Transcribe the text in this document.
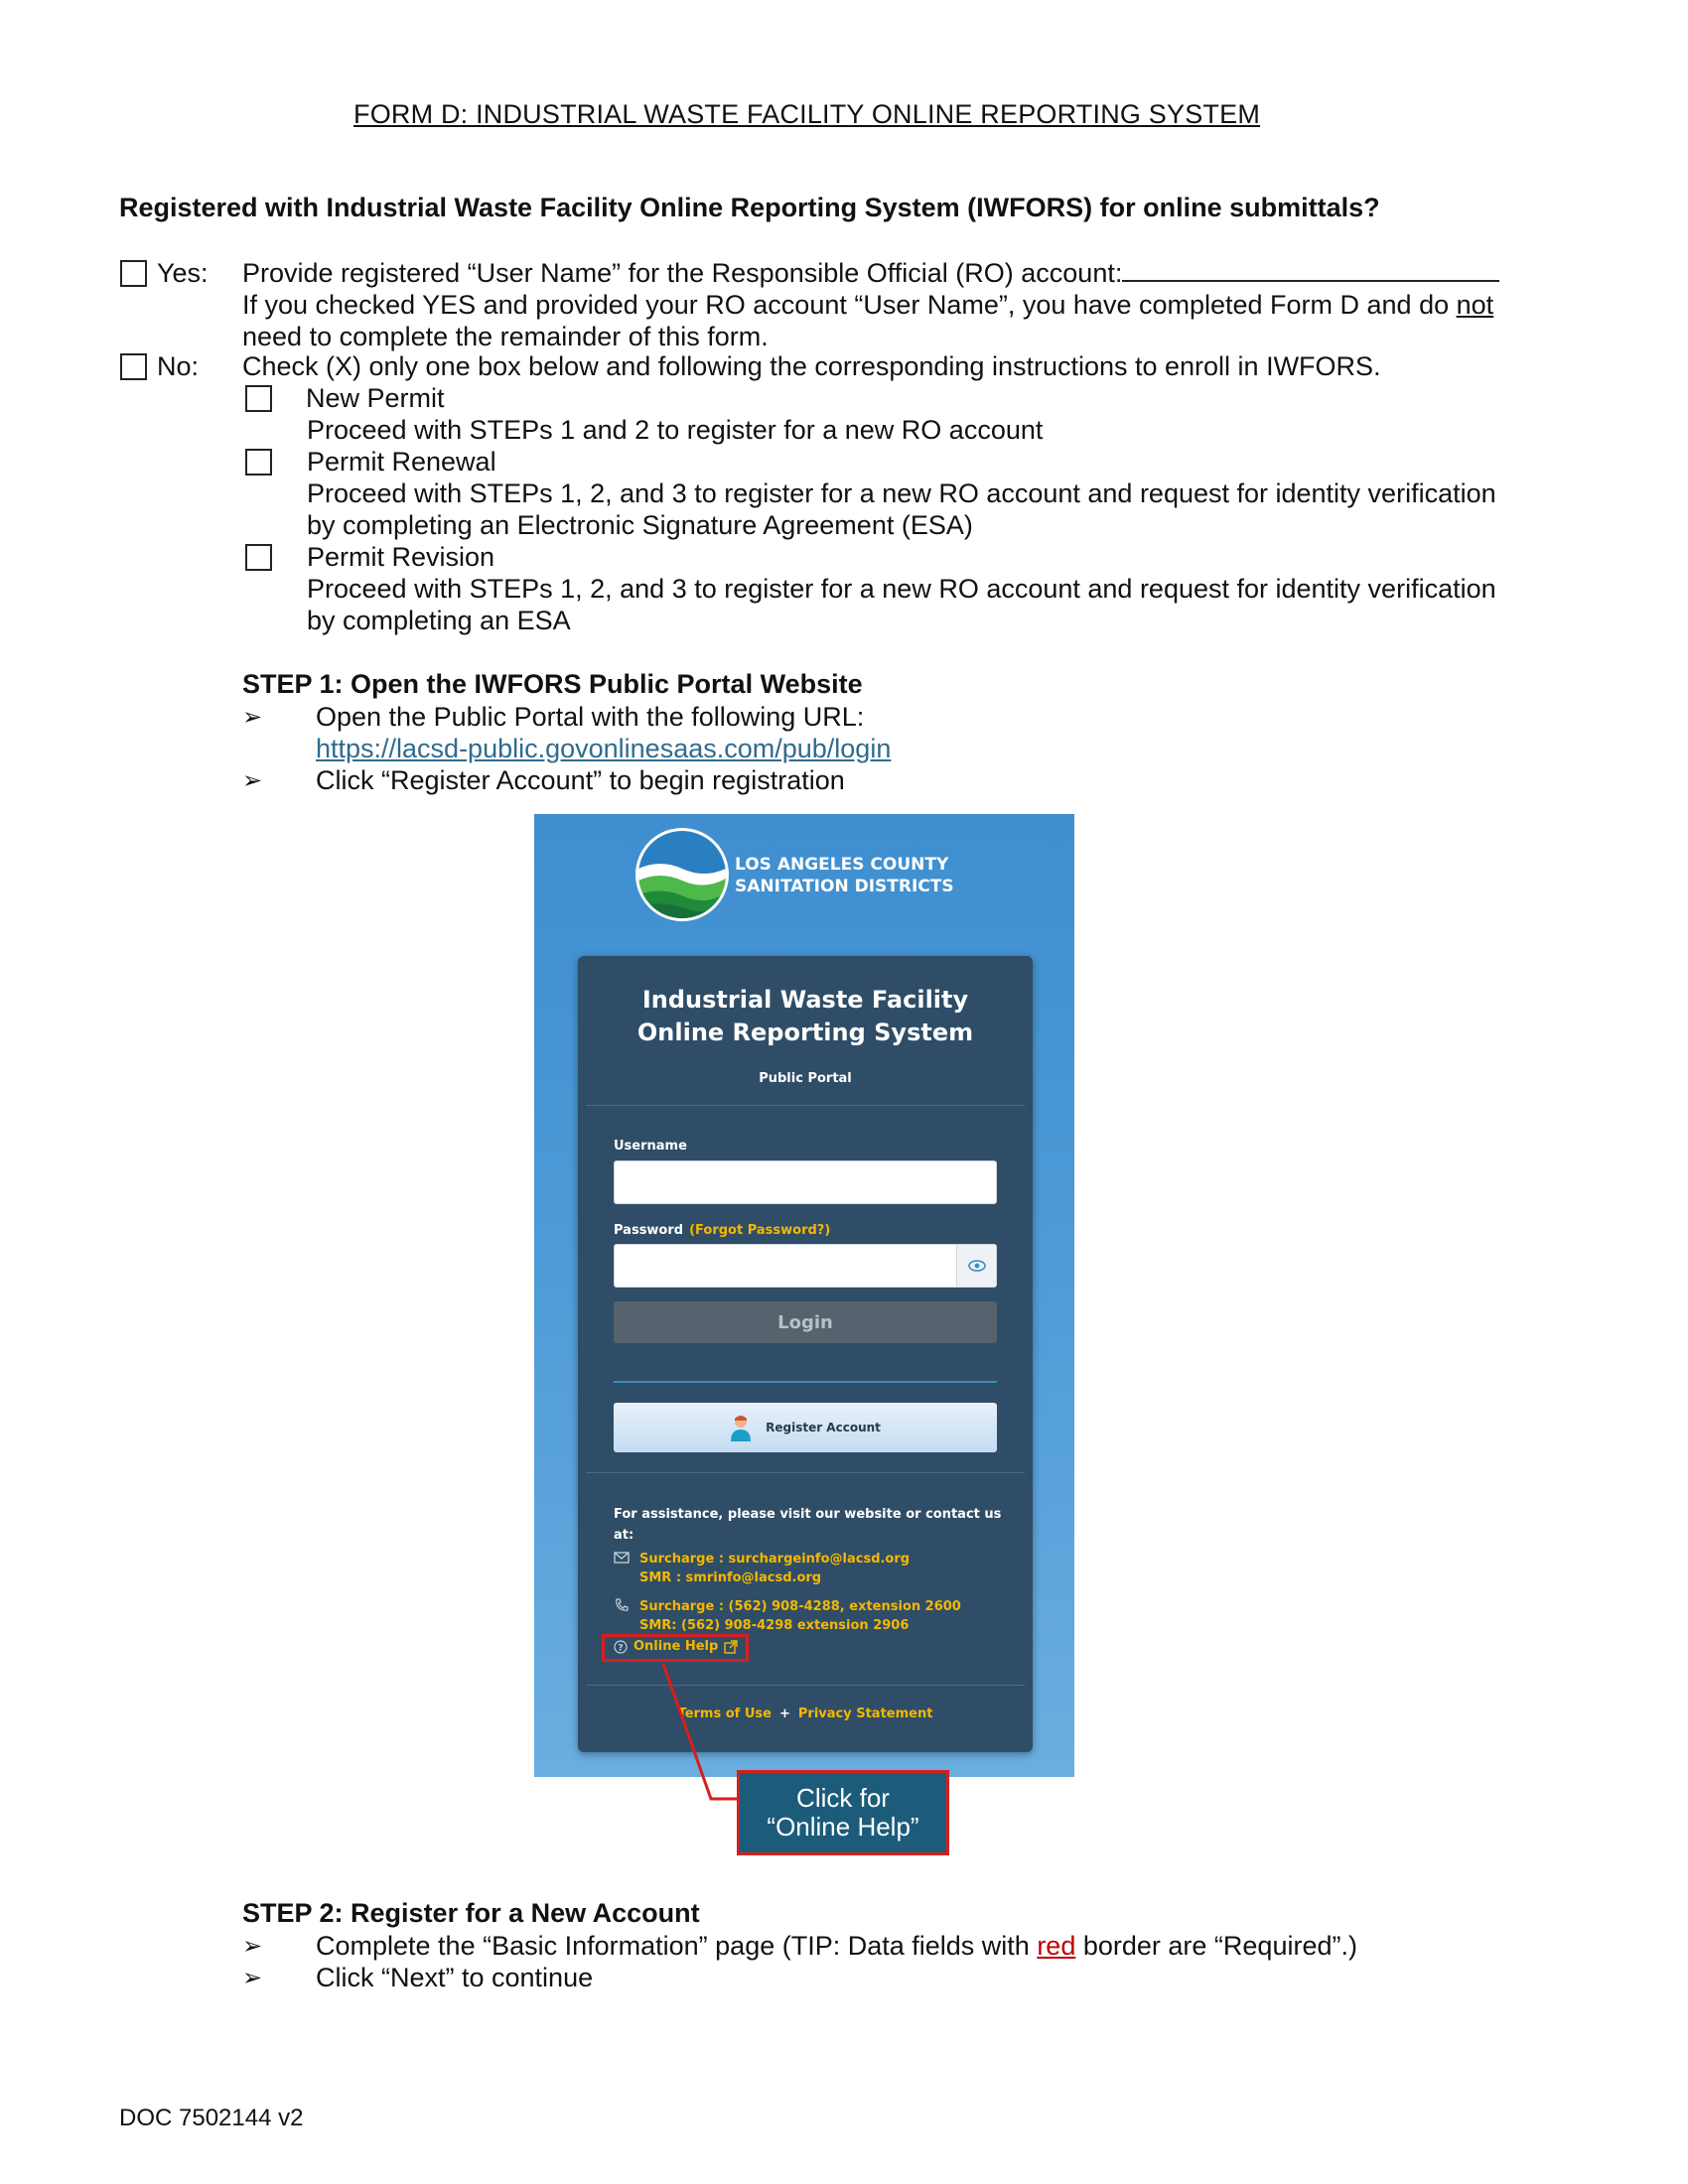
FORM D: INDUSTRIAL WASTE FACILITY ONLINE REPORTING SYSTEM
Registered with Industrial Waste Facility Online Reporting System (IWFORS) for online submittals?
Yes: Provide registered “User Name” for the Responsible Official (RO) account:
If you checked YES and provided your RO account “User Name”, you have completed Form D and do not
need to complete the remainder of this form.
No: Check (X) only one box below and following the corresponding instructions to enroll in IWFORS.
New Permit
Proceed with STEPs 1 and 2 to register for a new RO account
Permit Renewal
Proceed with STEPs 1, 2, and 3 to register for a new RO account and request for identity verification
by completing an Electronic Signature Agreement (ESA)
Permit Revision
Proceed with STEPs 1, 2, and 3 to register for a new RO account and request for identity verification
by completing an ESA
STEP 1: Open the IWFORS Public Portal Website
➢ Open the Public Portal with the following URL:
https://lacsd-public.govonlinesaas.com/pub/login
➢ Click “Register Account” to begin registration
LOS ANGELES COUNTY
SANITATION DISTRICTS
Industrial Waste Facility
Online Reporting System
Public Portal
Username
Password (Forgot Password?)
Login
Register Account
For assistance, please visit our website or contact us at:
Surcharge : surchargeinfo@lacsd.org
SMR : smrinfo@lacsd.org
Surcharge : (562) 908-4288, extension 2600
SMR: (562) 908-4298 extension 2906
? Online Help
Terms of Use + Privacy Statement
Click for
“Online Help”
STEP 2: Register for a New Account
➢ Complete the “Basic Information” page (TIP: Data fields with red border are “Required”.)
➢ Click “Next” to continue
DOC 7502144 v2
